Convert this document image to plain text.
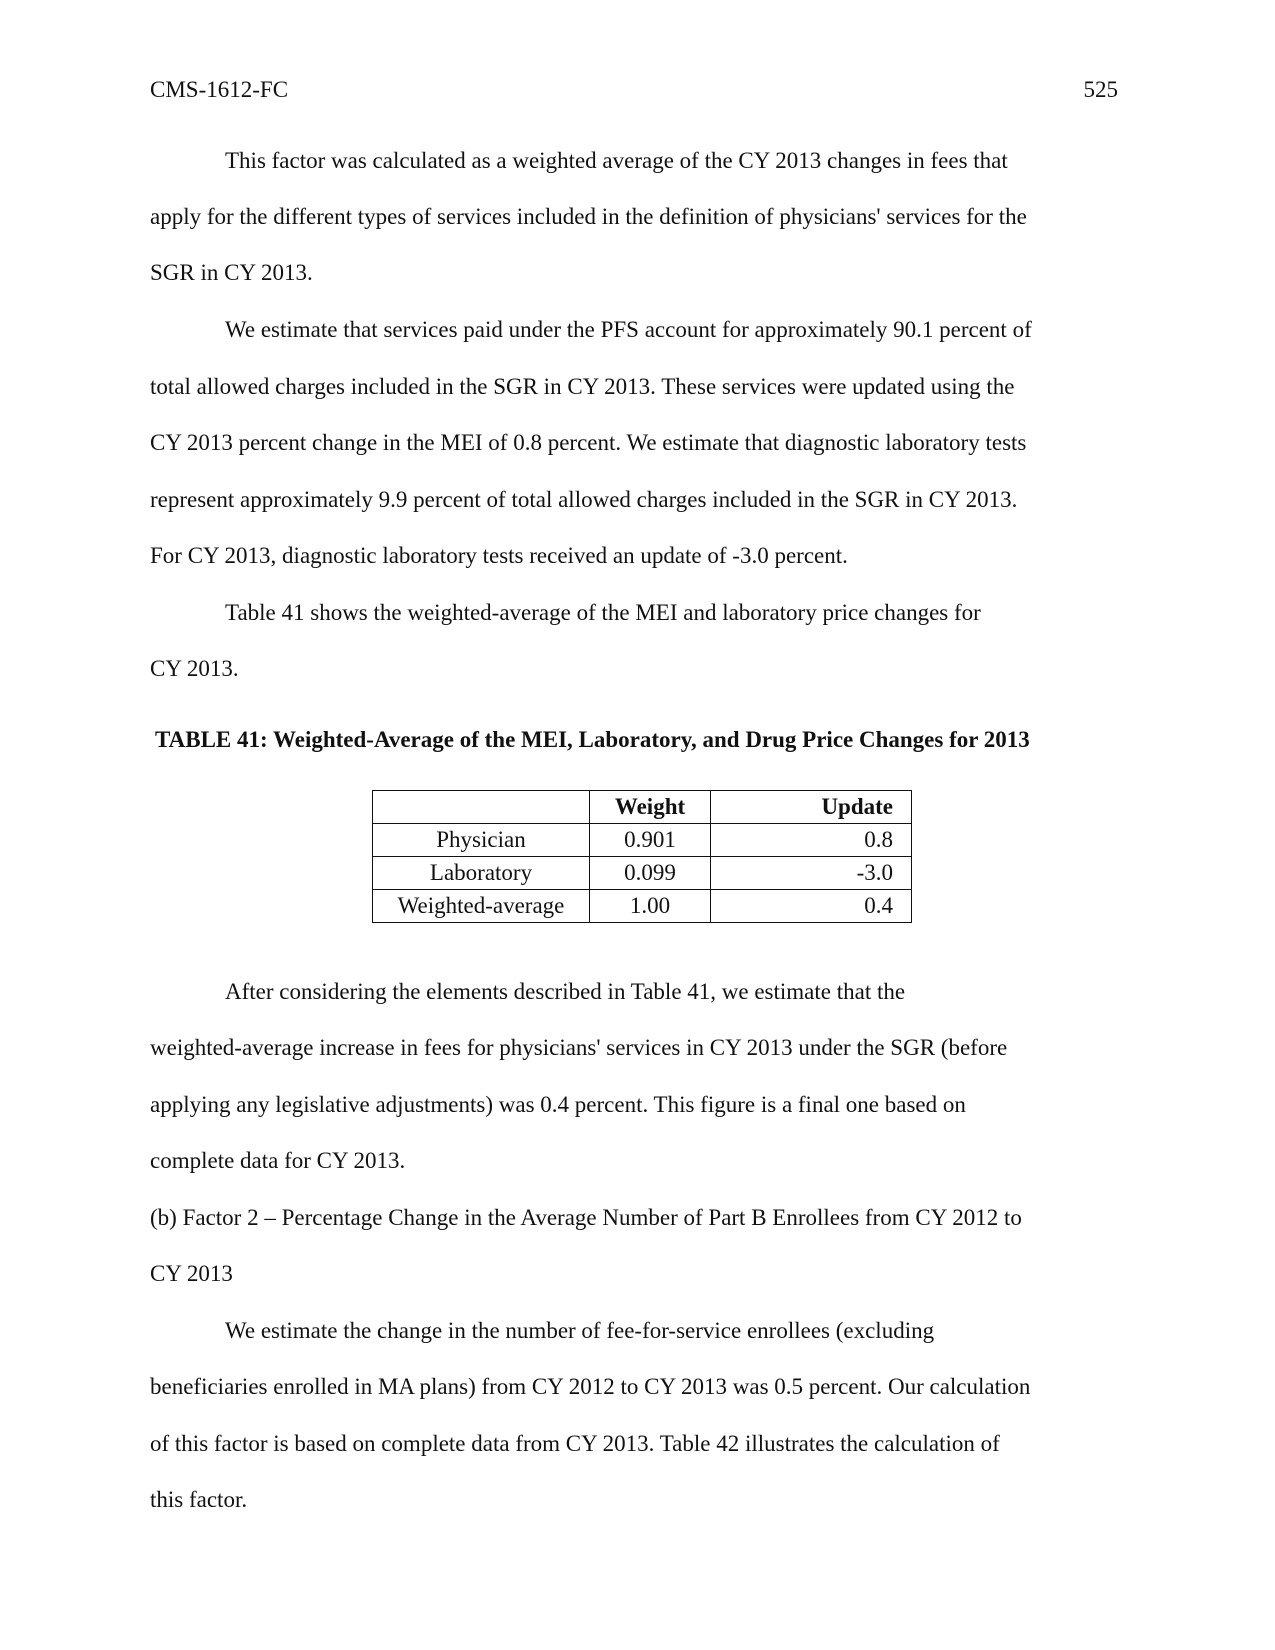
CMS-1612-FC	525
This factor was calculated as a weighted average of the CY 2013 changes in fees that
apply for the different types of services included in the definition of physicians' services for the
SGR in CY 2013.
We estimate that services paid under the PFS account for approximately 90.1 percent of
total allowed charges included in the SGR in CY 2013. These services were updated using the
CY 2013 percent change in the MEI of 0.8 percent. We estimate that diagnostic laboratory tests
represent approximately 9.9 percent of total allowed charges included in the SGR in CY 2013.
For CY 2013, diagnostic laboratory tests received an update of -3.0 percent.
Table 41 shows the weighted-average of the MEI and laboratory price changes for
CY 2013.
TABLE 41: Weighted-Average of the MEI, Laboratory, and Drug Price Changes for 2013
	Weight	Update
Physician	0.901	0.8
Laboratory	0.099	-3.0
Weighted-average	1.00	0.4
After considering the elements described in Table 41, we estimate that the
weighted-average increase in fees for physicians' services in CY 2013 under the SGR (before
applying any legislative adjustments) was 0.4 percent. This figure is a final one based on
complete data for CY 2013.
(b) Factor 2 – Percentage Change in the Average Number of Part B Enrollees from CY 2012 to
CY 2013
We estimate the change in the number of fee-for-service enrollees (excluding
beneficiaries enrolled in MA plans) from CY 2012 to CY 2013 was 0.5 percent. Our calculation
of this factor is based on complete data from CY 2013. Table 42 illustrates the calculation of
this factor.
